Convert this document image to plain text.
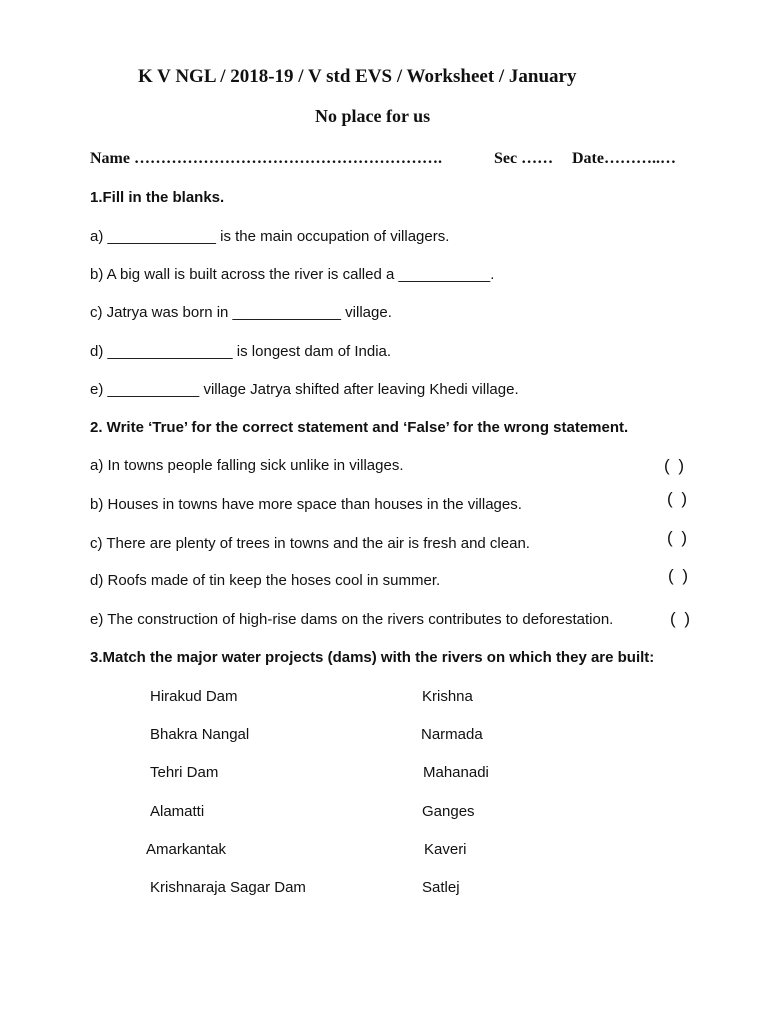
K V NGL / 2018-19 / V std EVS / Worksheet / January
No place for us
Name ………………………………………………….	Sec …… Date………..…
1.Fill in the blanks.
a) _____________ is the main occupation of villagers.
b) A big wall is built across the river is called a ___________.
c) Jatrya was born in _____________ village.
d) _______________ is longest dam of India.
e) ___________ village Jatrya shifted after leaving Khedi village.
2. Write ‘True’ for the correct statement and ‘False’ for the wrong statement.
a) In towns people falling sick unlike in villages.	( )
b) Houses in towns have more space than houses in the villages.	( )
c) There are plenty of trees in towns and the air is fresh and clean.	( )
d) Roofs made of tin keep the hoses cool in summer.	( )
e) The construction of high-rise dams on the rivers contributes to deforestation.	( )
3.Match the major water projects (dams) with the rivers on which they are built:
Hirakud Dam	Krishna
Bhakra Nangal	Narmada
Tehri Dam	Mahanadi
Alamatti	Ganges
Amarkantak	Kaveri
Krishnaraja Sagar Dam	Satlej
